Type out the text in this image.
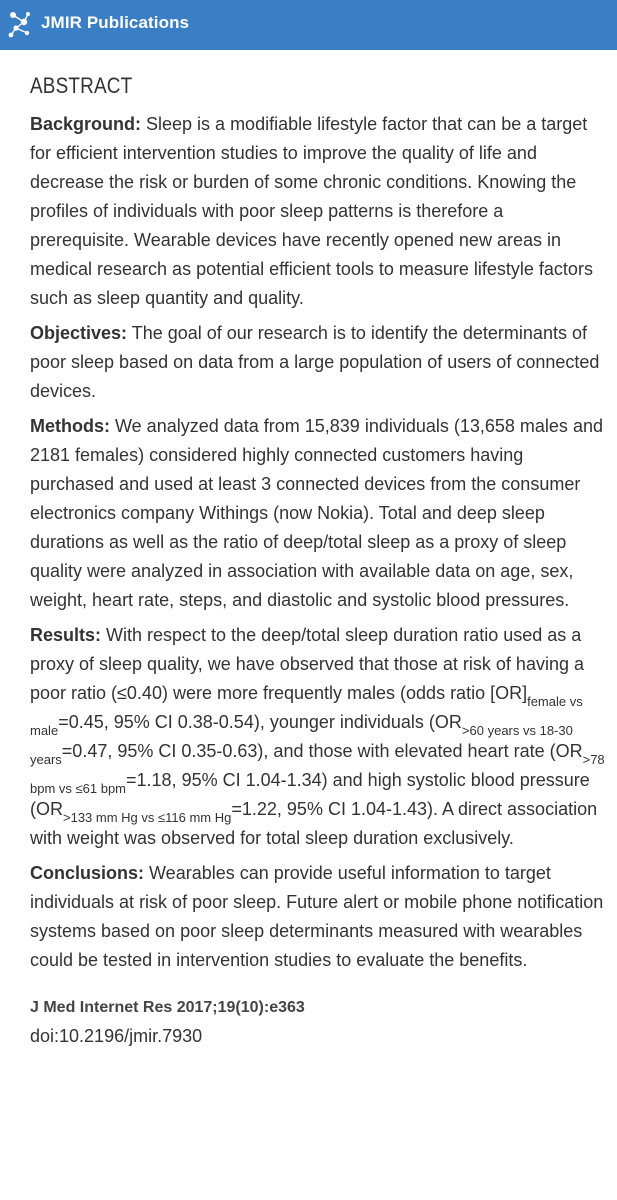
JMIR Publications
ABSTRACT

Background: Sleep is a modifiable lifestyle factor that can be a target for efficient intervention studies to improve the quality of life and decrease the risk or burden of some chronic conditions. Knowing the profiles of individuals with poor sleep patterns is therefore a prerequisite. Wearable devices have recently opened new areas in medical research as potential efficient tools to measure lifestyle factors such as sleep quantity and quality.

Objectives: The goal of our research is to identify the determinants of poor sleep based on data from a large population of users of connected devices.

Methods: We analyzed data from 15,839 individuals (13,658 males and 2181 females) considered highly connected customers having purchased and used at least 3 connected devices from the consumer electronics company Withings (now Nokia). Total and deep sleep durations as well as the ratio of deep/total sleep as a proxy of sleep quality were analyzed in association with available data on age, sex, weight, heart rate, steps, and diastolic and systolic blood pressures.

Results: With respect to the deep/total sleep duration ratio used as a proxy of sleep quality, we have observed that those at risk of having a poor ratio (≤0.40) were more frequently males (odds ratio $[OR]_{female vs male}=0.45$, 95% CI 0.38-0.54), younger individuals ($OR_{>60 years vs 18-30 years}=0.47$, 95% CI 0.35-0.63), and those with elevated heart rate ($OR_{>78 bpm vs \le 61 bpm}=1.18$, 95% CI 1.04-1.34) and high systolic blood pressure ($OR_{>133 mm Hg vs \le 116 mm Hg}=1.22$, 95% CI 1.04-1.43). A direct association with weight was observed for total sleep duration exclusively.

Conclusions: Wearables can provide useful information to target individuals at risk of poor sleep. Future alert or mobile phone notification systems based on poor sleep determinants measured with wearables could be tested in intervention studies to evaluate the benefits.

J Med Internet Res 2017;19(10):e363
doi:10.2196/jmir.7930
